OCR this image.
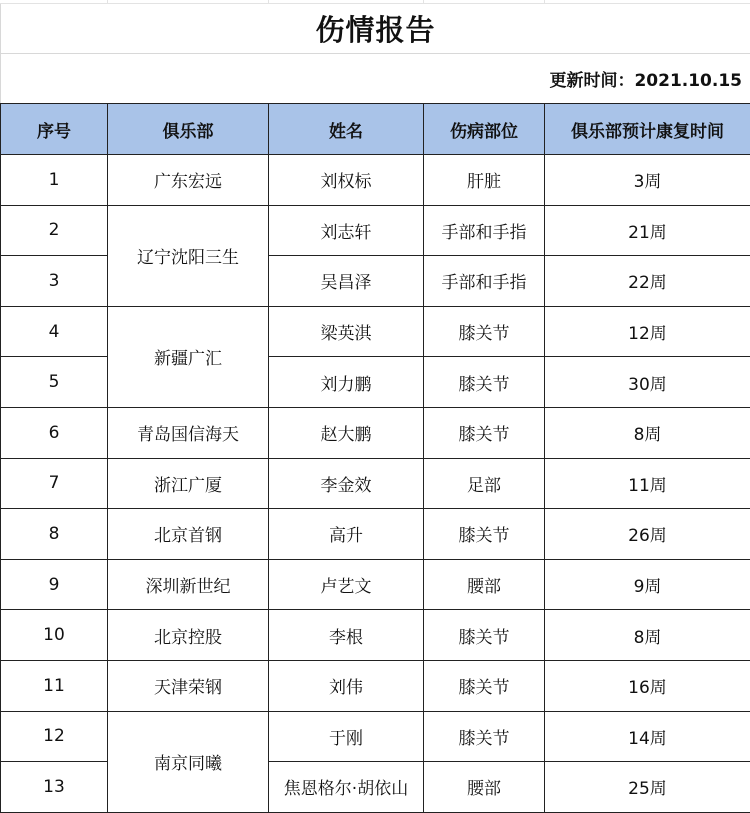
伤情报告
更新时间：2021.10.15
序号	俱乐部	姓名	伤病部位	俱乐部预计康复时间
1	广东宏远	刘权标	肝脏	3周
2	辽宁沈阳三生	刘志轩	手部和手指	21周
3		吴昌泽	手部和手指	22周
4	新疆广汇	梁英淇	膝关节	12周
5		刘力鹏	膝关节	30周
6	青岛国信海天	赵大鹏	膝关节	8周
7	浙江广厦	李金效	足部	11周
8	北京首钢	高升	膝关节	26周
9	深圳新世纪	卢艺文	腰部	9周
10	北京控股	李根	膝关节	8周
11	天津荣钢	刘伟	膝关节	16周
12	南京同曦	于刚	膝关节	14周
13		焦恩格尔·胡依山	腰部	25周
